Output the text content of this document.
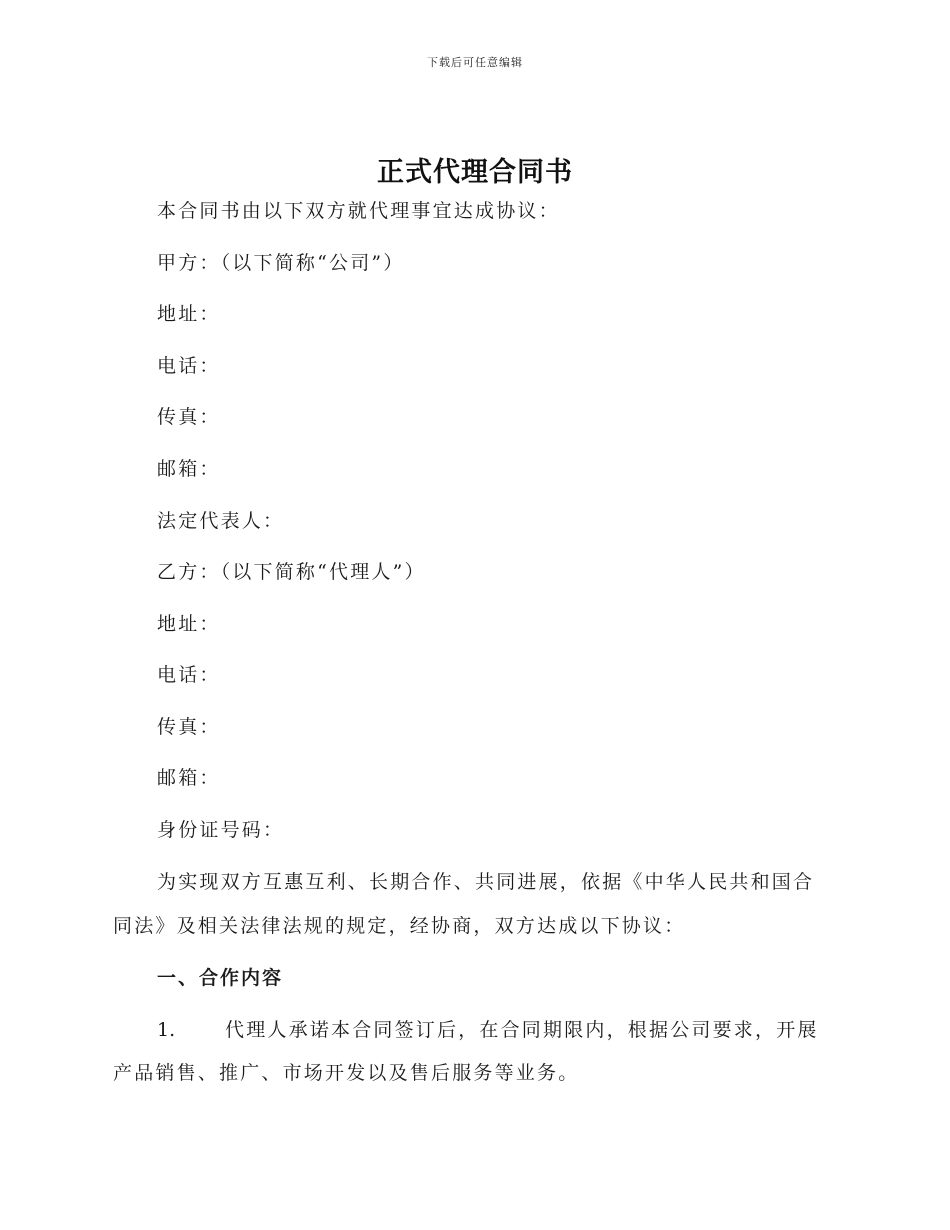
下载后可任意编辑
正式代理合同书
本合同书由以下双方就代理事宜达成协议：
甲方：（以下简称“公司”）
地址：
电话：
传真：
邮箱：
法定代表人：
乙方：（以下简称“代理人”）
地址：
电话：
传真：
邮箱：
身份证号码：
为实现双方互惠互利、长期合作、共同进展，依据《中华人民共和国合
同法》及相关法律法规的规定，经协商，双方达成以下协议：
一、合作内容
1.	代理人承诺本合同签订后，在合同期限内，根据公司要求，开展
产品销售、推广、市场开发以及售后服务等业务。
